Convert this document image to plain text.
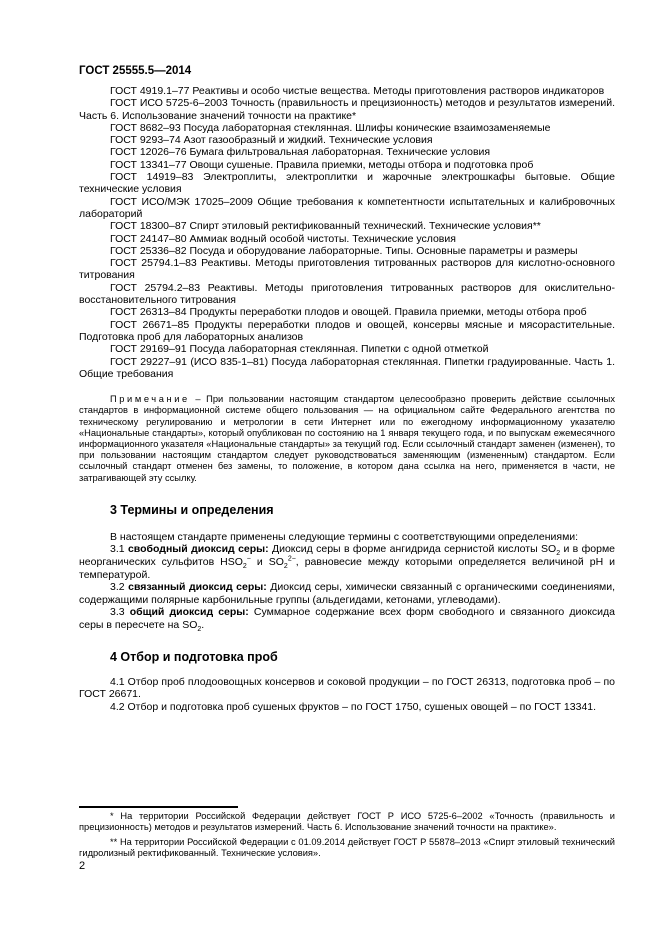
ГОСТ 25555.5—2014

ГОСТ 4919.1–77 Реактивы и особо чистые вещества. Методы приготовления растворов индикаторов

ГОСТ ИСО 5725-6–2003 Точность (правильность и прецизионность) методов и результатов измерений. Часть 6. Использование значений точности на практике*

ГОСТ 8682–93 Посуда лабораторная стеклянная. Шлифы конические взаимозаменяемые

ГОСТ 9293–74 Азот газообразный и жидкий. Технические условия

ГОСТ 12026–76 Бумага фильтровальная лабораторная. Технические условия

ГОСТ 13341–77 Овощи сушеные. Правила приемки, методы отбора и подготовка проб

ГОСТ 14919–83 Электроплиты, электроплитки и жарочные электрошкафы бытовые. Общие технические условия

ГОСТ ИСО/МЭК 17025–2009 Общие требования к компетентности испытательных и калибровочных лабораторий

ГОСТ 18300–87 Спирт этиловый ректификованный технический. Технические условия**

ГОСТ 24147–80 Аммиак водный особой чистоты. Технические условия

ГОСТ 25336–82 Посуда и оборудование лабораторные. Типы. Основные параметры и размеры

ГОСТ 25794.1–83 Реактивы. Методы приготовления титрованных растворов для кислотно-основного титрования

ГОСТ 25794.2–83 Реактивы. Методы приготовления титрованных растворов для окислительно-восстановительного титрования

ГОСТ 26313–84 Продукты переработки плодов и овощей. Правила приемки, методы отбора проб

ГОСТ 26671–85 Продукты переработки плодов и овощей, консервы мясные и мясорастительные. Подготовка проб для лабораторных анализов

ГОСТ 29169–91 Посуда лабораторная стеклянная. Пипетки с одной отметкой

ГОСТ 29227–91 (ИСО 835-1–81) Посуда лабораторная стеклянная. Пипетки градуированные. Часть 1. Общие требования

Примечание – При пользовании настоящим стандартом целесообразно проверить действие ссылочных стандартов в информационной системе общего пользования — на официальном сайте Федерального агентства по техническому регулированию и метрологии в сети Интернет или по ежегодному информационному указателю «Национальные стандарты», который опубликован по состоянию на 1 января текущего года, и по выпускам ежемесячного информационного указателя «Национальные стандарты» за текущий год. Если ссылочный стандарт заменен (изменен), то при пользовании настоящим стандартом следует руководствоваться заменяющим (измененным) стандартом. Если ссылочный стандарт отменен без замены, то положение, в котором дана ссылка на него, применяется в части, не затрагивающей эту ссылку.

3 Термины и определения

В настоящем стандарте применены следующие термины с соответствующими определениями:

3.1 свободный диоксид серы: Диоксид серы в форме ангидрида сернистой кислоты $SO_2$ и в форме неорганических сульфитов $HSO_2^-$ и $SO_2^{2-}$, равновесие между которыми определяется величиной pH и температурой.

3.2 связанный диоксид серы: Диоксид серы, химически связанный с органическими соединениями, содержащими полярные карбонильные группы (альдегидами, кетонами, углеводами).

3.3 общий диоксид серы: Суммарное содержание всех форм свободного и связанного диоксида серы в пересчете на $SO_2$.

4 Отбор и подготовка проб

4.1 Отбор проб плодоовощных консервов и соковой продукции – по ГОСТ 26313, подготовка проб – по ГОСТ 26671.

4.2 Отбор и подготовка проб сушеных фруктов – по ГОСТ 1750, сушеных овощей – по ГОСТ 13341.

* На территории Российской Федерации действует ГОСТ Р ИСО 5725-6–2002 «Точность (правильность и прецизионность) методов и результатов измерений. Часть 6. Использование значений точности на практике».

** На территории Российской Федерации с 01.09.2014 действует ГОСТ Р 55878–2013 «Спирт этиловый технический гидролизный ректификованный. Технические условия».

2
